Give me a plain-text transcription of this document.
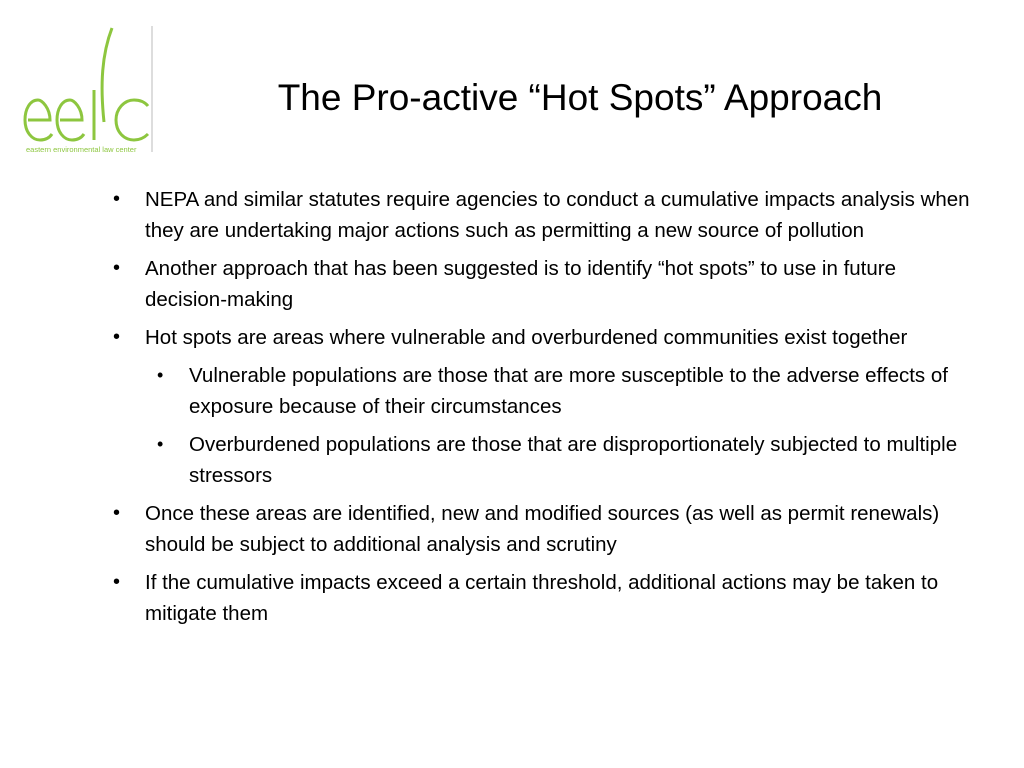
eastern environmental law center
The Pro-active “Hot Spots” Approach
•	NEPA and similar statutes require agencies to conduct a cumulative impacts analysis when they are undertaking major actions such as permitting a new source of pollution
•	Another approach that has been suggested is to identify “hot spots” to use in future decision-making
•	Hot spots are areas where vulnerable and overburdened communities exist together
•	Vulnerable populations are those that are more susceptible to the adverse effects of exposure because of their circumstances
•	Overburdened populations are those that are disproportionately subjected to multiple stressors
•	Once these areas are identified, new and modified sources (as well as permit renewals) should be subject to additional analysis and scrutiny
•	If the cumulative impacts exceed a certain threshold, additional actions may be taken to mitigate them
